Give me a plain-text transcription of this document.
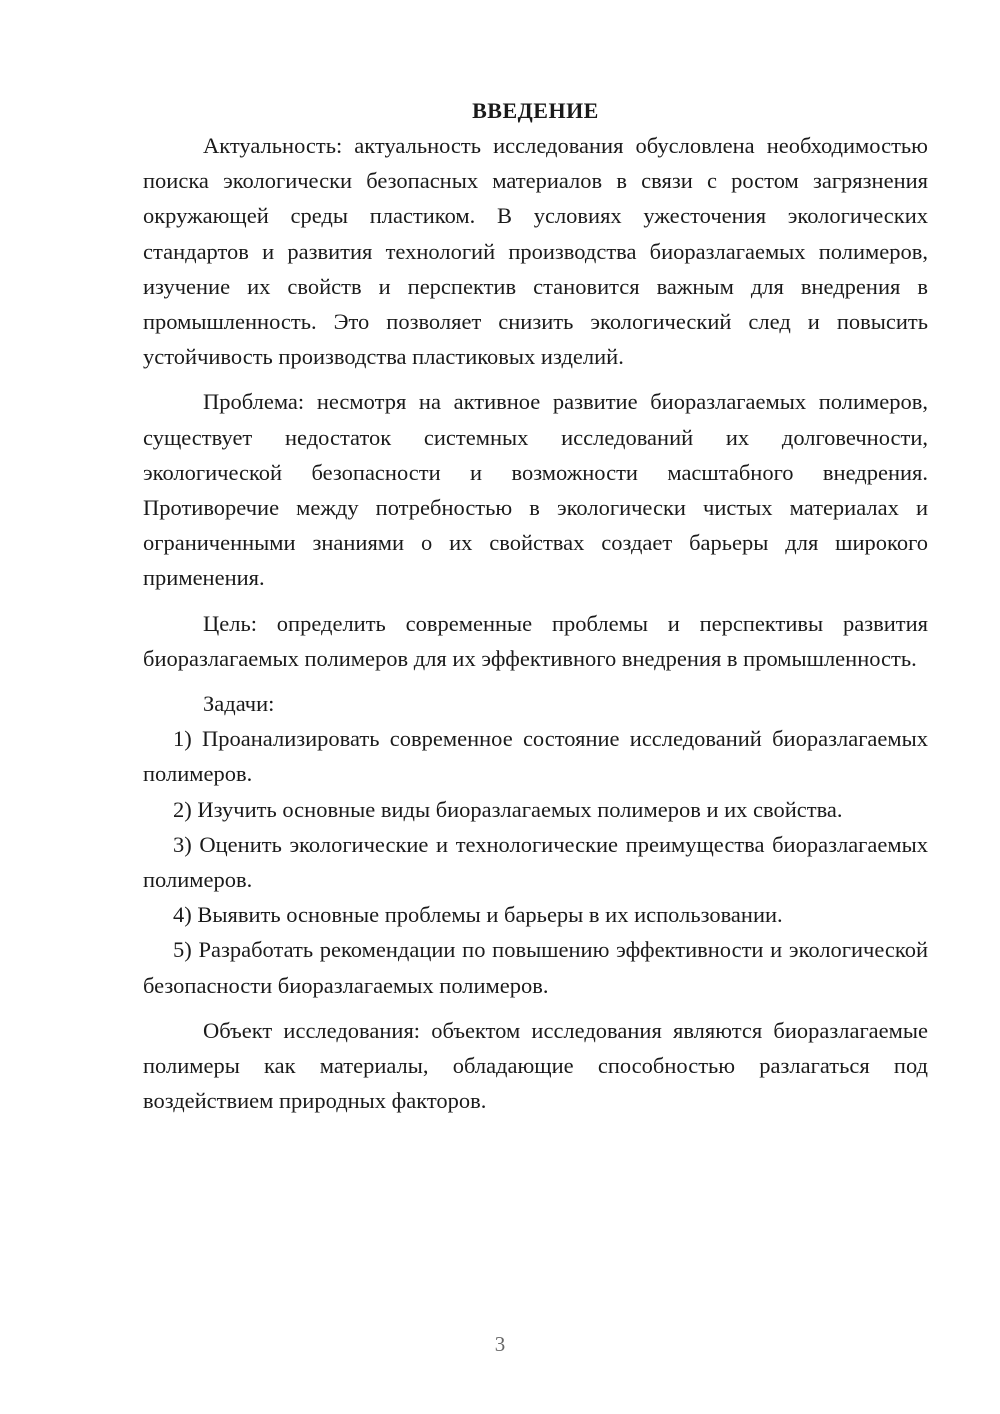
ВВЕДЕНИЕ

Актуальность: актуальность исследования обусловлена необходимостью поиска экологически безопасных материалов в связи с ростом загрязнения окружающей среды пластиком. В условиях ужесточения экологических стандартов и развития технологий производства биоразлагаемых полимеров, изучение их свойств и перспектив становится важным для внедрения в промышленность. Это позволяет снизить экологический след и повысить устойчивость производства пластиковых изделий.

Проблема: несмотря на активное развитие биоразлагаемых полимеров, существует недостаток системных исследований их долговечности, экологической безопасности и возможности масштабного внедрения. Противоречие между потребностью в экологически чистых материалах и ограниченными знаниями о их свойствах создает барьеры для широкого применения.

Цель: определить современные проблемы и перспективы развития биоразлагаемых полимеров для их эффективного внедрения в промышленность.

Задачи:

1) Проанализировать современное состояние исследований биоразлагаемых полимеров.

2) Изучить основные виды биоразлагаемых полимеров и их свойства.

3) Оценить экологические и технологические преимущества биоразлагаемых полимеров.

4) Выявить основные проблемы и барьеры в их использовании.

5) Разработать рекомендации по повышению эффективности и экологической безопасности биоразлагаемых полимеров.

Объект исследования: объектом исследования являются биоразлагаемые полимеры как материалы, обладающие способностью разлагаться под воздействием природных факторов.

3
